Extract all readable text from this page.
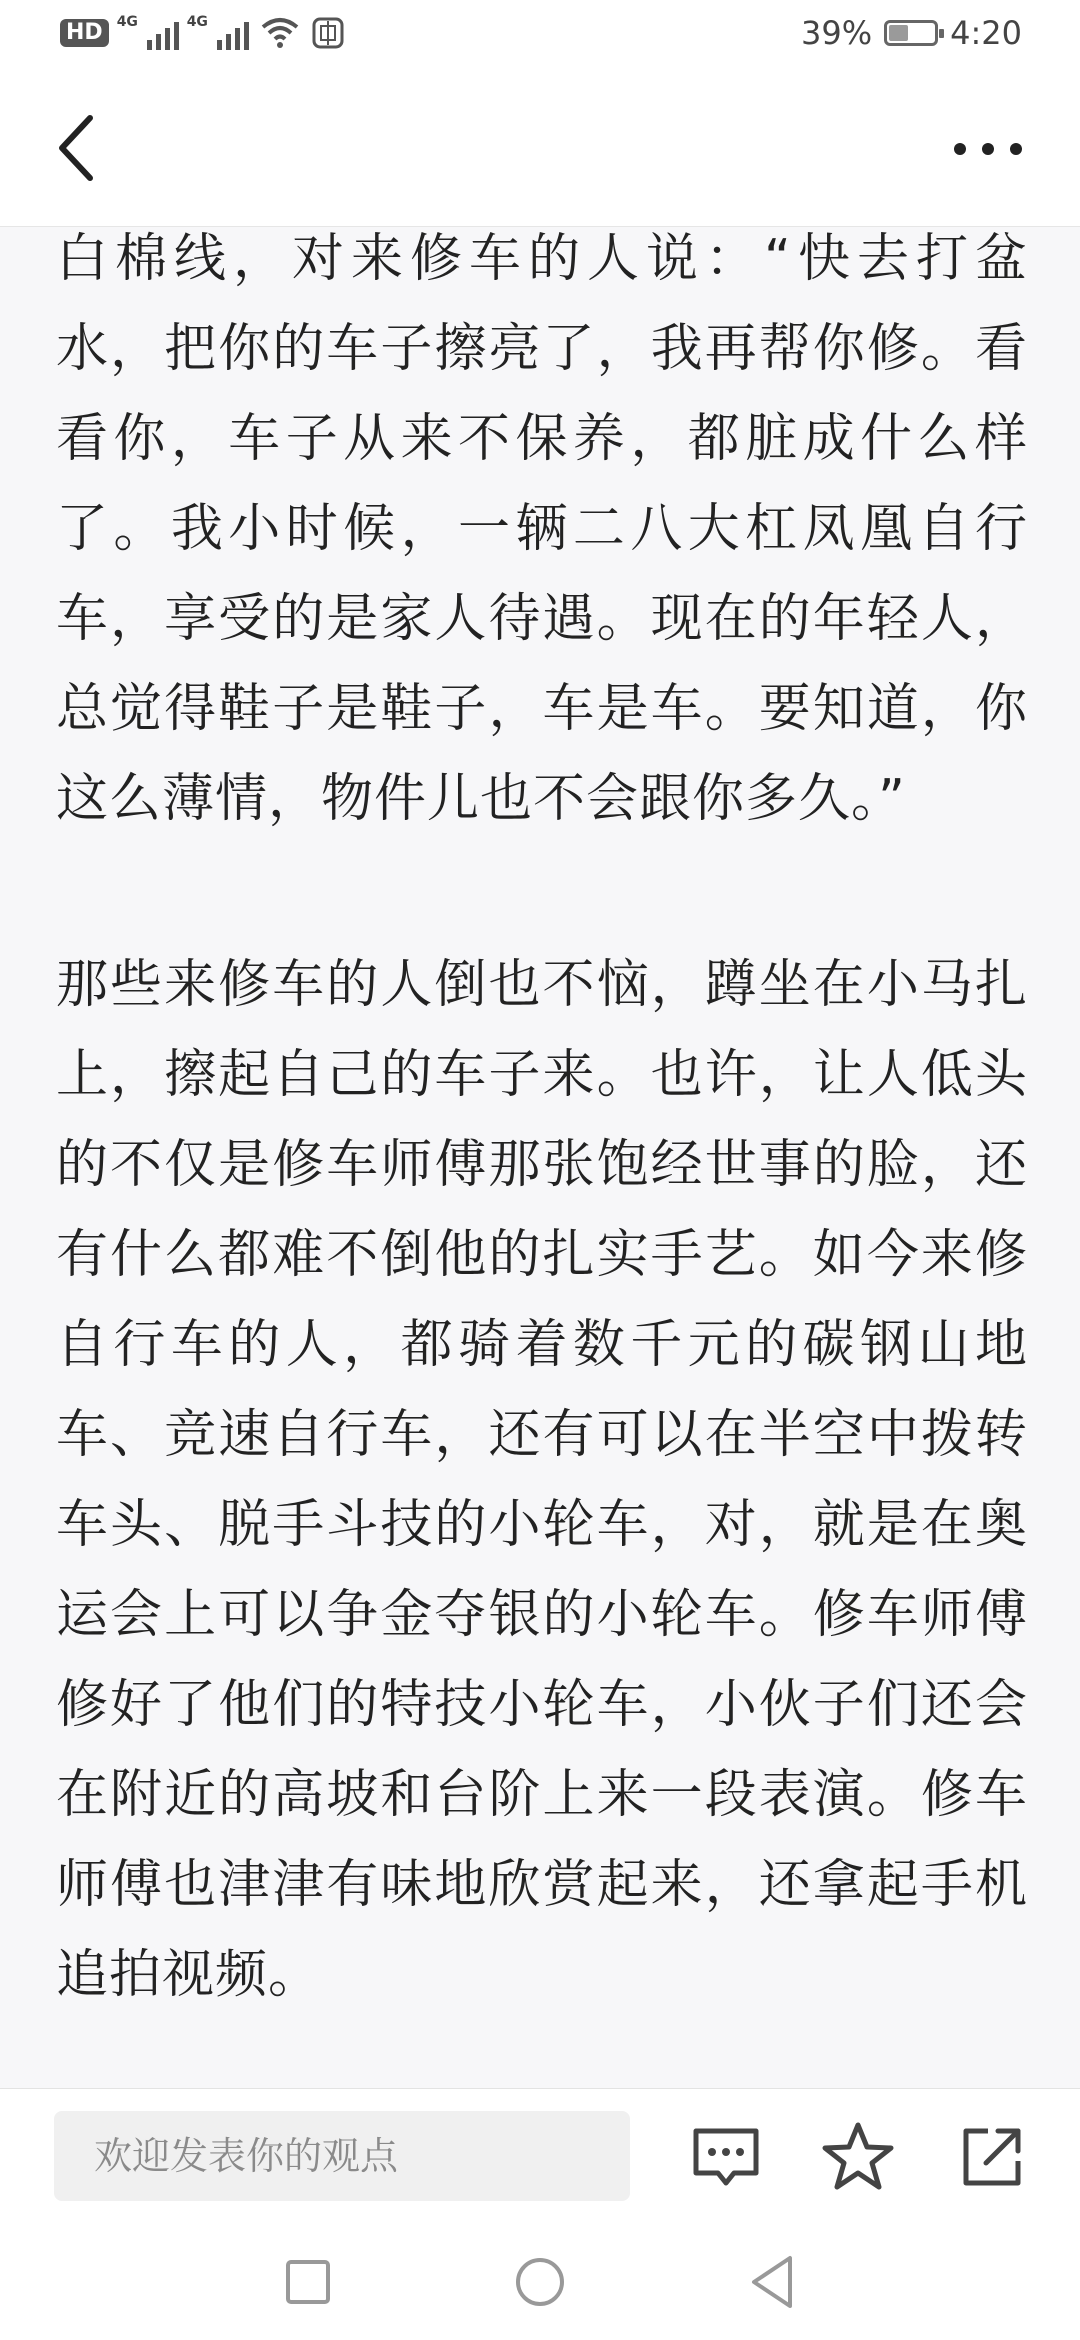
HD	4G	4G	39% 4:20

白棉线，对来修车的人说：“快去打盆水，把你的车子擦亮了，我再帮你修。看看你，车子从来不保养，都脏成什么样了。我小时候，一辆二八大杠凤凰自行车，享受的是家人待遇。现在的年轻人，总觉得鞋子是鞋子，车是车。要知道，你这么薄情，物件儿也不会跟你多久。”

那些来修车的人倒也不恼，蹲坐在小马扎上，擦起自己的车子来。也许，让人低头的不仅是修车师傅那张饱经世事的脸，还有什么都难不倒他的扎实手艺。如今来修自行车的人，都骑着数千元的碳钢山地车、竞速自行车，还有可以在半空中拨转车头、脱手斗技的小轮车，对，就是在奥运会上可以争金夺银的小轮车。修车师傅修好了他们的特技小轮车，小伙子们还会在附近的高坡和台阶上来一段表演。修车师傅也津津有味地欣赏起来，还拿起手机追拍视频。

欢迎发表你的观点
